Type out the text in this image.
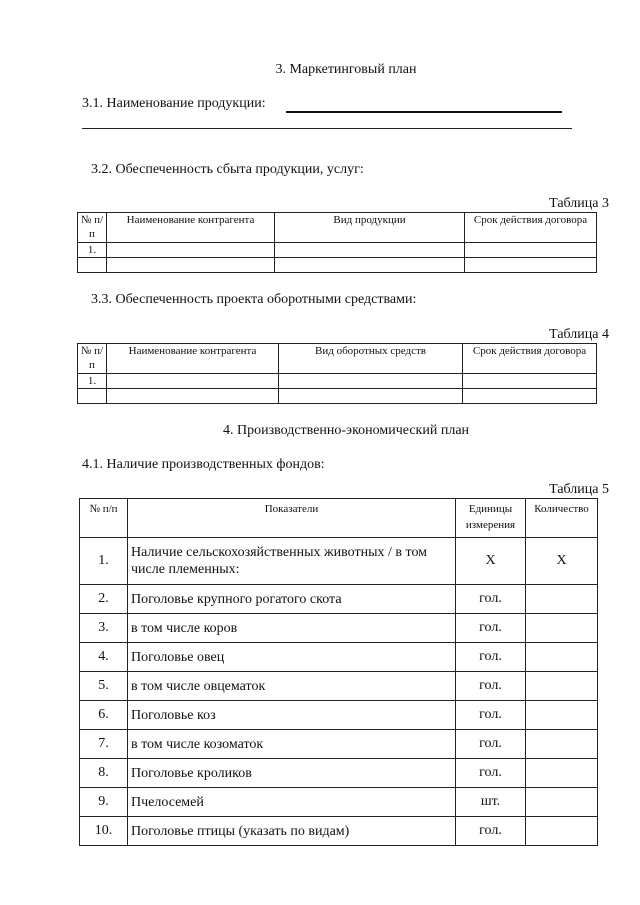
3. Маркетинговый план
3.1. Наименование продукции:
3.2. Обеспеченность сбыта продукции, услуг:
Таблица 3
№ п/п	Наименование контрагента	Вид продукции	Срок действия договора
1.			

3.3. Обеспеченность проекта оборотными средствами:
Таблица 4
№ п/п	Наименование контрагента	Вид оборотных средств	Срок действия договора
1.			

4. Производственно-экономический план
4.1. Наличие производственных фондов:
Таблица 5
№ п/п	Показатели	Единицы измерения	Количество
1.	Наличие сельскохозяйственных животных / в том числе племенных:	Х	Х
2.	Поголовье крупного рогатого скота	гол.	
3.	в том числе коров	гол.	
4.	Поголовье овец	гол.	
5.	в том числе овцематок	гол.	
6.	Поголовье коз	гол.	
7.	в том числе козоматок	гол.	
8.	Поголовье кроликов	гол.	
9.	Пчелосемей	шт.	
10.	Поголовье птицы (указать по видам)	гол.	
